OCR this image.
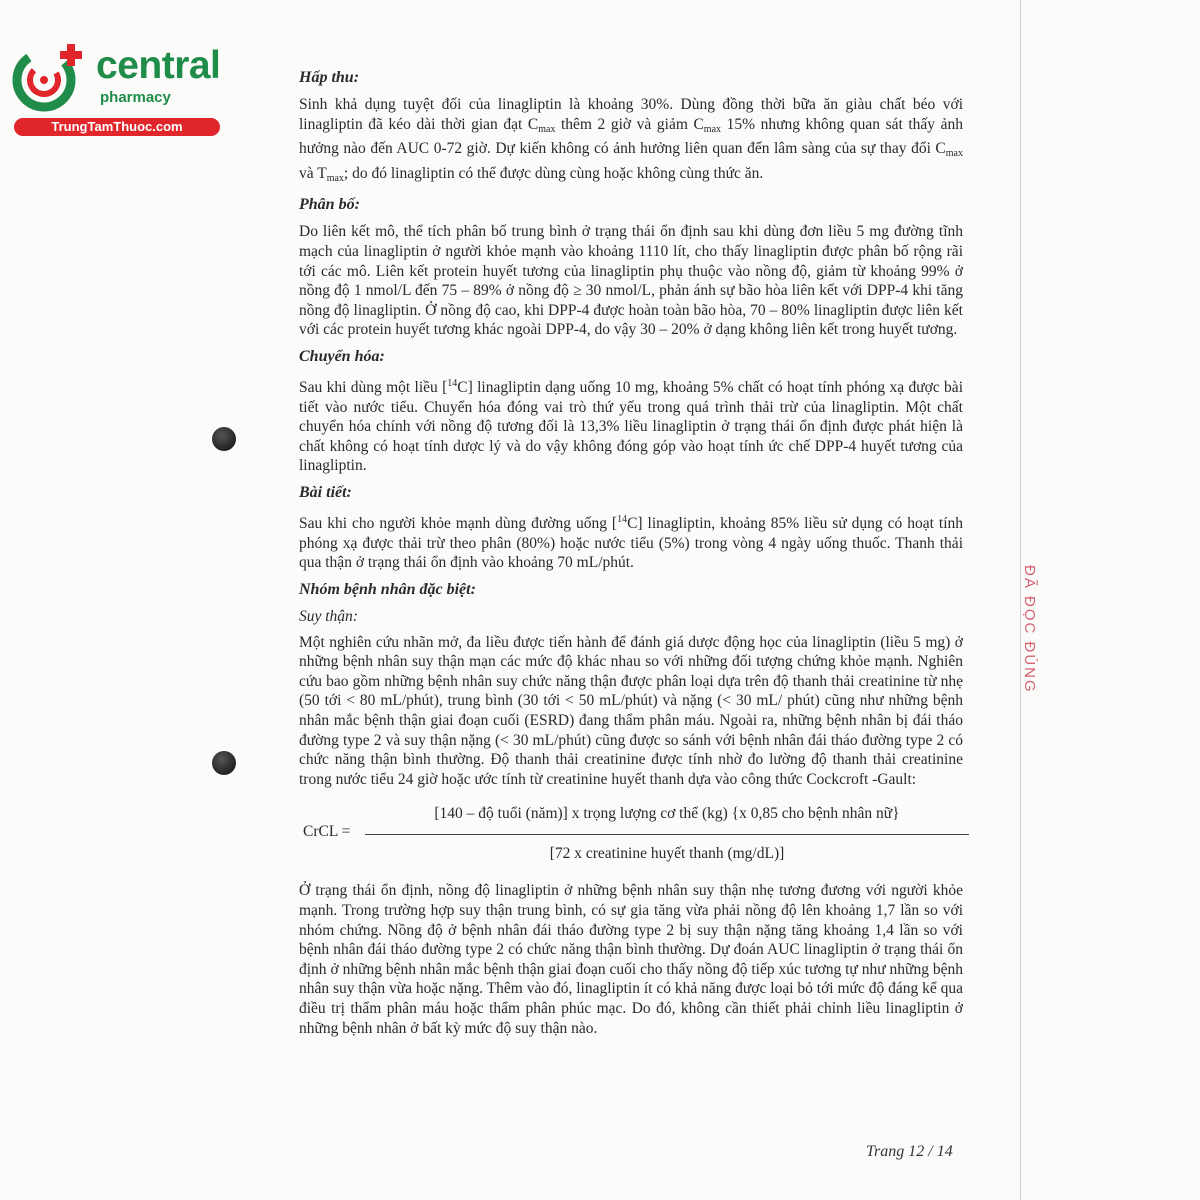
central
pharmacy
TrungTamThuoc.com
ĐÃ ĐỌC ĐÚNG
Hấp thu:

Sinh khả dụng tuyệt đối của linagliptin là khoảng 30%. Dùng đồng thời bữa ăn giàu chất béo với linagliptin đã kéo dài thời gian đạt $C_{max}$ thêm 2 giờ và giảm $C_{max}$ 15% nhưng không quan sát thấy ảnh hưởng nào đến AUC 0-72 giờ. Dự kiến không có ảnh hưởng liên quan đến lâm sàng của sự thay đổi $C_{max}$ và $T_{max}$; do đó linagliptin có thể được dùng cùng hoặc không cùng thức ăn.

Phân bố:

Do liên kết mô, thể tích phân bố trung bình ở trạng thái ổn định sau khi dùng đơn liều 5 mg đường tĩnh mạch của linagliptin ở người khỏe mạnh vào khoảng 1110 lít, cho thấy linagliptin được phân bố rộng rãi tới các mô. Liên kết protein huyết tương của linagliptin phụ thuộc vào nồng độ, giảm từ khoảng 99% ở nồng độ 1 nmol/L đến 75 – 89% ở nồng độ ≥ 30 nmol/L, phản ánh sự bão hòa liên kết với DPP-4 khi tăng nồng độ linagliptin. Ở nồng độ cao, khi DPP-4 được hoàn toàn bão hòa, 70 – 80% linagliptin được liên kết với các protein huyết tương khác ngoài DPP-4, do vậy 30 – 20% ở dạng không liên kết trong huyết tương.

Chuyển hóa:

Sau khi dùng một liều [$^{14}$C] linagliptin dạng uống 10 mg, khoảng 5% chất có hoạt tính phóng xạ được bài tiết vào nước tiểu. Chuyển hóa đóng vai trò thứ yếu trong quá trình thải trừ của linagliptin. Một chất chuyển hóa chính với nồng độ tương đối là 13,3% liều linagliptin ở trạng thái ổn định được phát hiện là chất không có hoạt tính dược lý và do vậy không đóng góp vào hoạt tính ức chế DPP-4 huyết tương của linagliptin.

Bài tiết:

Sau khi cho người khỏe mạnh dùng đường uống [$^{14}$C] linagliptin, khoảng 85% liều sử dụng có hoạt tính phóng xạ được thải trừ theo phân (80%) hoặc nước tiểu (5%) trong vòng 4 ngày uống thuốc. Thanh thải qua thận ở trạng thái ổn định vào khoảng 70 mL/phút.

Nhóm bệnh nhân đặc biệt:
Suy thận:

Một nghiên cứu nhãn mở, đa liều được tiến hành để đánh giá dược động học của linagliptin (liều 5 mg) ở những bệnh nhân suy thận mạn các mức độ khác nhau so với những đối tượng chứng khỏe mạnh. Nghiên cứu bao gồm những bệnh nhân suy chức năng thận được phân loại dựa trên độ thanh thải creatinine từ nhẹ (50 tới < 80 mL/phút), trung bình (30 tới < 50 mL/phút) và nặng (< 30 mL/ phút) cũng như những bệnh nhân mắc bệnh thận giai đoạn cuối (ESRD) đang thẩm phân máu. Ngoài ra, những bệnh nhân bị đái tháo đường type 2 và suy thận nặng (< 30 mL/phút) cũng được so sánh với bệnh nhân đái tháo đường type 2 có chức năng thận bình thường. Độ thanh thải creatinine được tính nhờ đo lường độ thanh thải creatinine trong nước tiểu 24 giờ hoặc ước tính từ creatinine huyết thanh dựa vào công thức Cockcroft -Gault:

CrCL =
[140 – độ tuổi (năm)] x trọng lượng cơ thể (kg) {x 0,85 cho bệnh nhân nữ}
[72 x creatinine huyết thanh (mg/dL)]

Ở trạng thái ổn định, nồng độ linagliptin ở những bệnh nhân suy thận nhẹ tương đương với người khỏe mạnh. Trong trường hợp suy thận trung bình, có sự gia tăng vừa phải nồng độ lên khoảng 1,7 lần so với nhóm chứng. Nồng độ ở bệnh nhân đái tháo đường type 2 bị suy thận nặng tăng khoảng 1,4 lần so với bệnh nhân đái tháo đường type 2 có chức năng thận bình thường. Dự đoán AUC linagliptin ở trạng thái ổn định ở những bệnh nhân mắc bệnh thận giai đoạn cuối cho thấy nồng độ tiếp xúc tương tự như những bệnh nhân suy thận vừa hoặc nặng. Thêm vào đó, linagliptin ít có khả năng được loại bỏ tới mức độ đáng kể qua điều trị thẩm phân máu hoặc thẩm phân phúc mạc. Do đó, không cần thiết phải chỉnh liều linagliptin ở những bệnh nhân ở bất kỳ mức độ suy thận nào.

Trang 12 / 14
